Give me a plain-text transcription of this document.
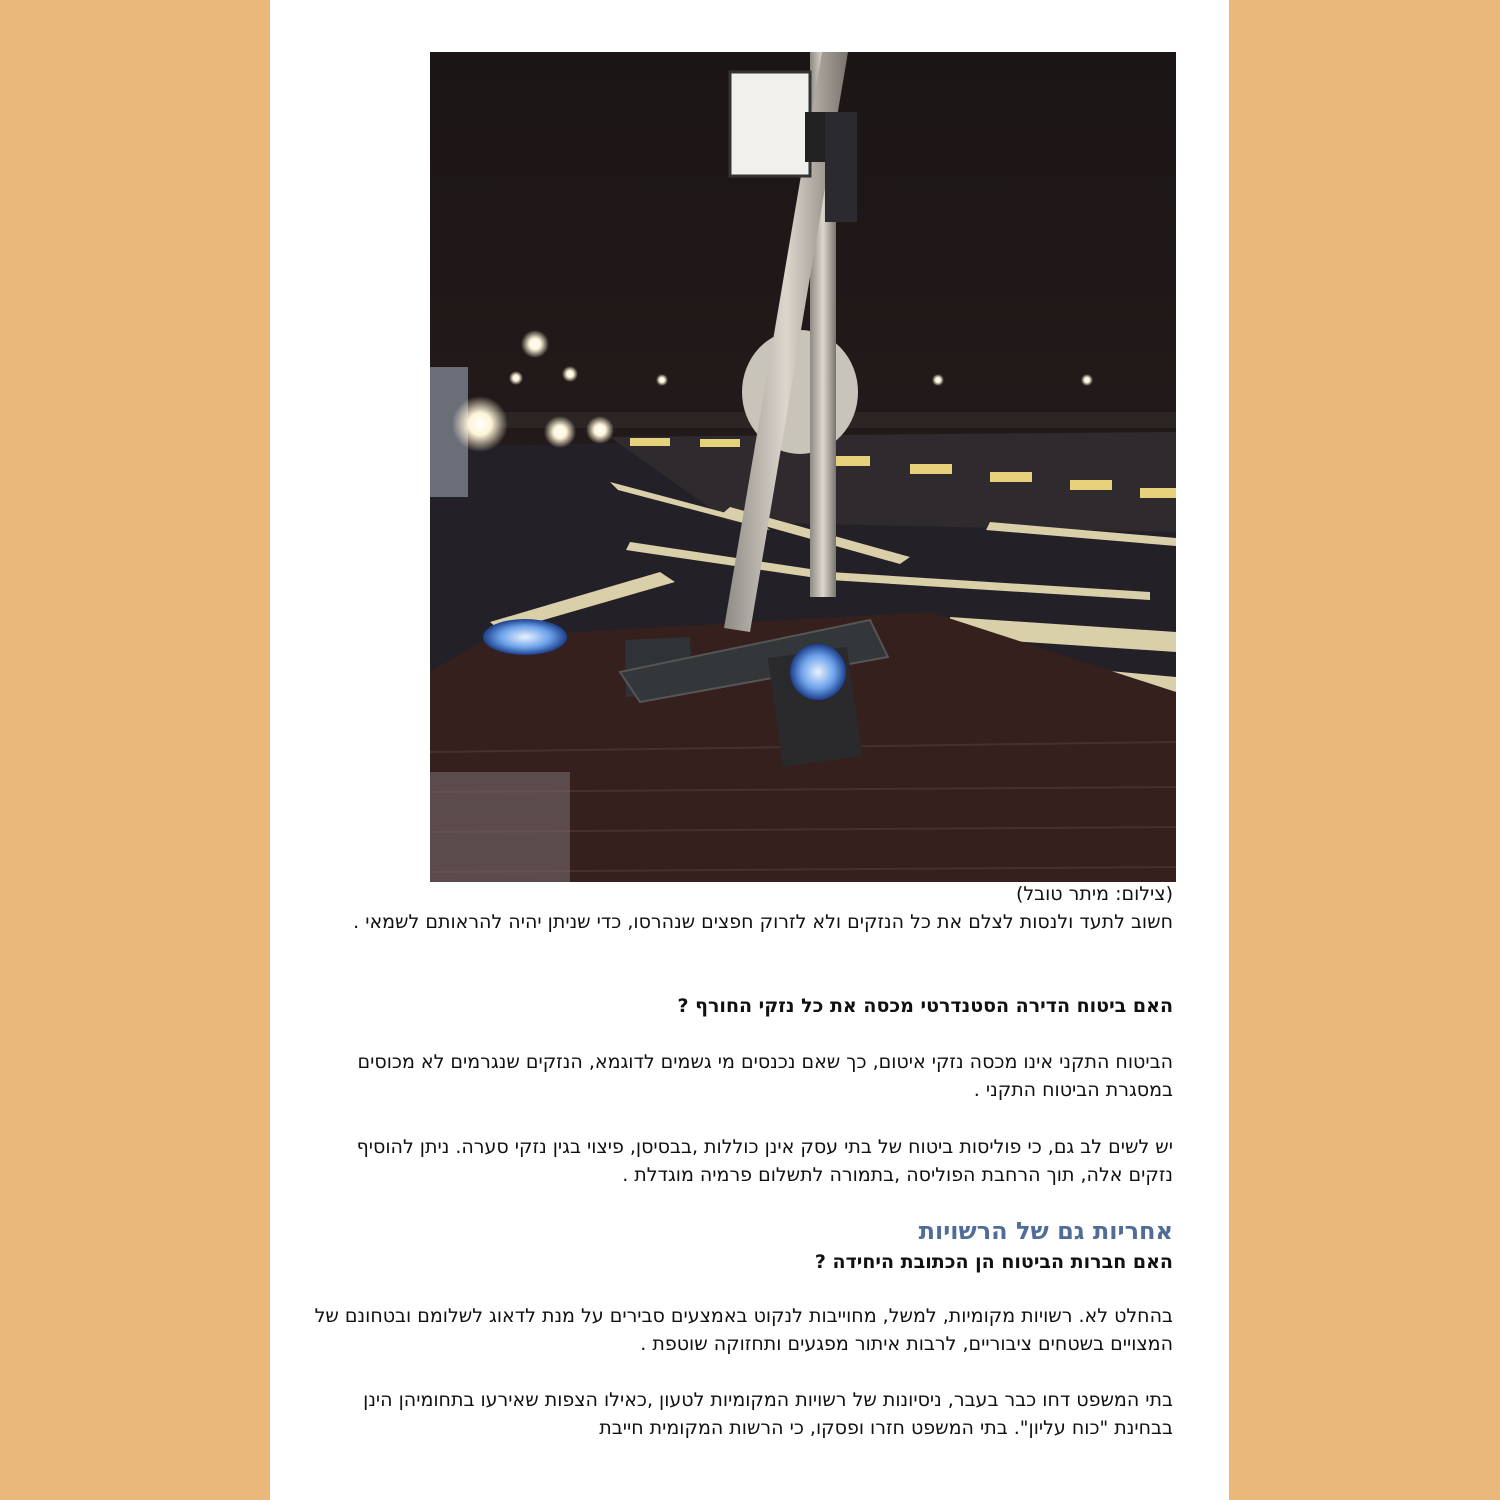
(צילום: מיתר טובל)
חשוב לתעד ולנסות לצלם את כל הנזקים ולא לזרוק חפצים שנהרסו, כדי שניתן יהיה להראותם לשמאי .
האם ביטוח הדירה הסטנדרטי מכסה את כל נזקי החורף ?
הביטוח התקני אינו מכסה נזקי איטום, כך שאם נכנסים מי גשמים לדוגמא, הנזקים שנגרמים לא מכוסים במסגרת הביטוח התקני .
יש לשים לב גם, כי פוליסות ביטוח של בתי עסק אינן כוללות ,בבסיסן, פיצוי בגין נזקי סערה. ניתן להוסיף נזקים אלה, תוך הרחבת הפוליסה ,בתמורה לתשלום פרמיה מוגדלת .
אחריות גם של הרשויות
האם חברות הביטוח הן הכתובת היחידה ?
בהחלט לא. רשויות מקומיות, למשל, מחוייבות לנקוט באמצעים סבירים על מנת לדאוג לשלומם ובטחונם של המצויים בשטחים ציבוריים, לרבות איתור מפגעים ותחזוקה שוטפת .
בתי המשפט דחו כבר בעבר, ניסיונות של רשויות המקומיות לטעון ,כאילו הצפות שאירעו בתחומיהן הינן בבחינת "כוח עליון". בתי המשפט חזרו ופסקו, כי הרשות המקומית חייבת
